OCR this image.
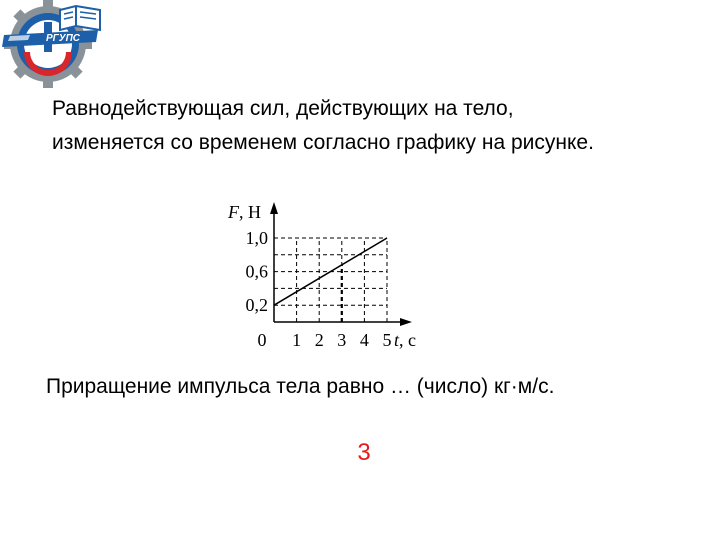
РГУПС

Равнодействующая сил, действующих на тело,
изменяется со временем согласно графику на рисунке.

0,2
0,6
1,0
1 2 3 4 5
0
F, Н
t, с

Приращение импульса тела равно … (число) кг·м/с.

3
